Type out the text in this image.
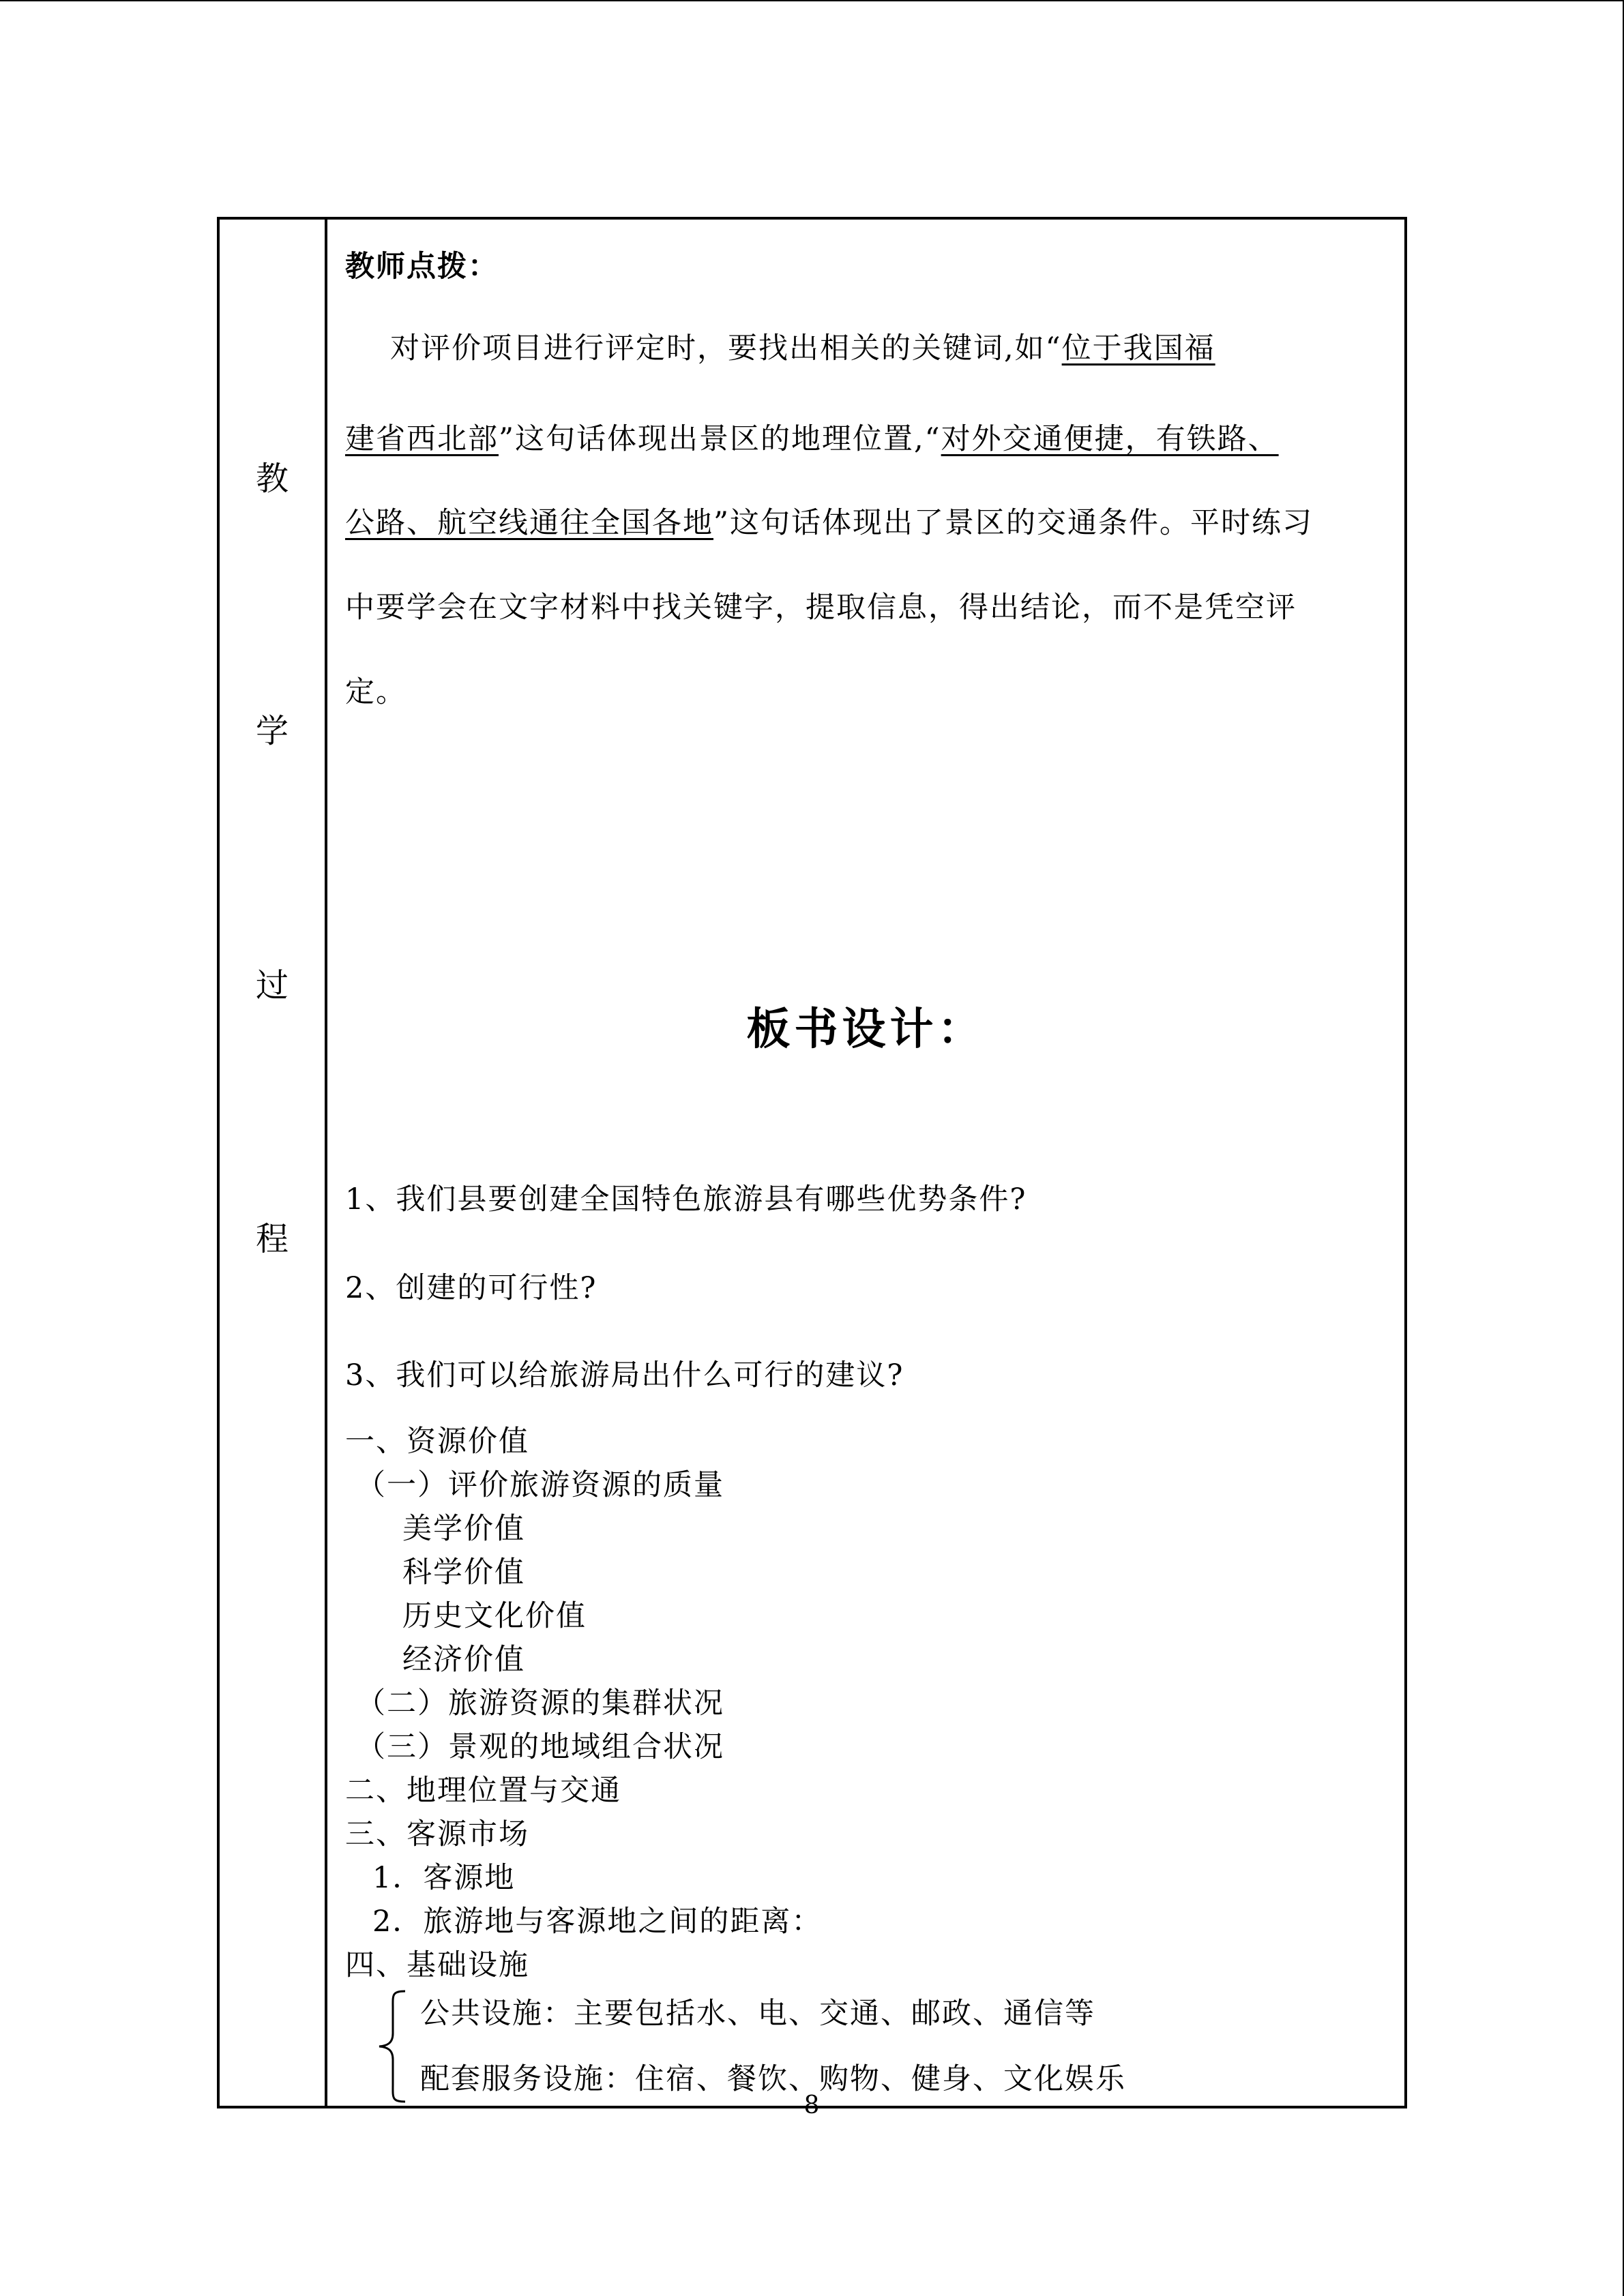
教
学
过
程
教师点拨：
对评价项目进行评定时，要找出相关的关键词,如“位于我国福
建省西北部”这句话体现出景区的地理位置,“对外交通便捷，有铁路、
公路、航空线通往全国各地”这句话体现出了景区的交通条件。平时练习
中要学会在文字材料中找关键字，提取信息，得出结论，而不是凭空评
定。
板书设计：
1、我们县要创建全国特色旅游县有哪些优势条件?
2、创建的可行性?
3、我们可以给旅游局出什么可行的建议?
一、资源价值
（一）评价旅游资源的质量
美学价值
科学价值
历史文化价值
经济价值
（二）旅游资源的集群状况
（三）景观的地域组合状况
二、地理位置与交通
三、客源市场
1．客源地
2．旅游地与客源地之间的距离：
四、基础设施
公共设施：主要包括水、电、交通、邮政、通信等
配套服务设施：住宿、餐饮、购物、健身、文化娱乐
8
